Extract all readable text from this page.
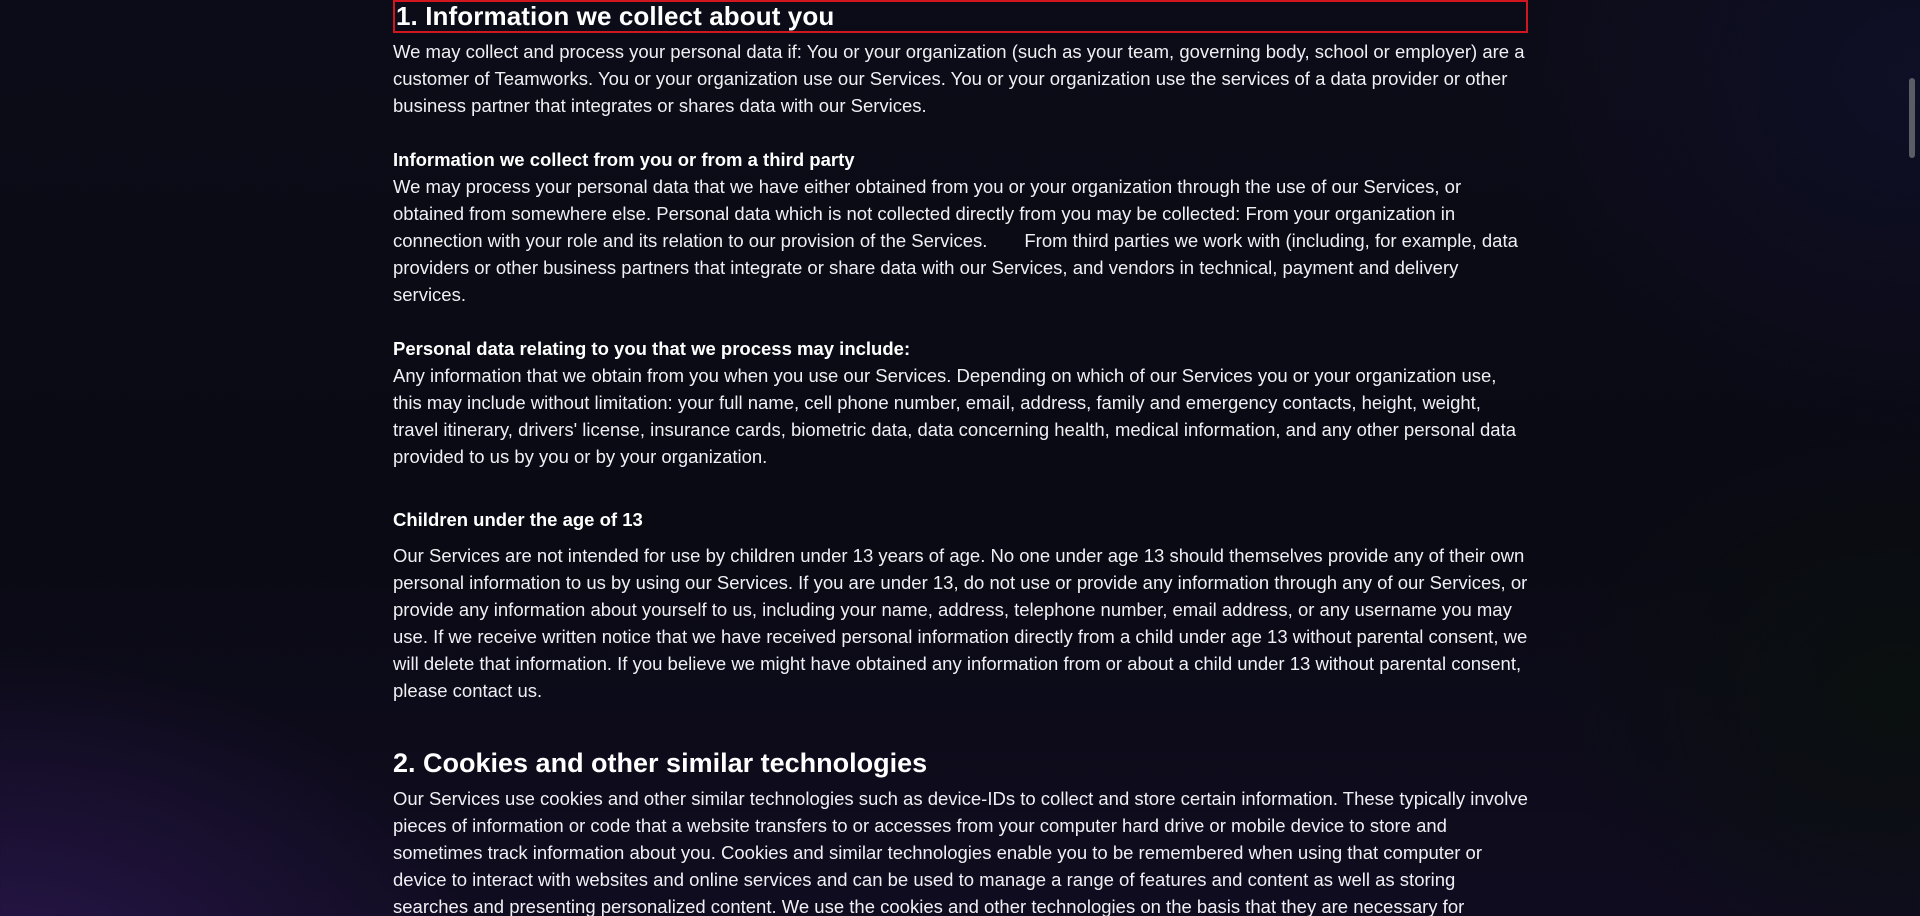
1. Information we collect about you

We may collect and process your personal data if: You or your organization (such as your team, governing body, school or employer) are a customer of Teamworks. You or your organization use our Services. You or your organization use the services of a data provider or other business partner that integrates or shares data with our Services.

Information we collect from you or from a third party

We may process your personal data that we have either obtained from you or your organization through the use of our Services, or obtained from somewhere else. Personal data which is not collected directly from you may be collected: From your organization in connection with your role and its relation to our provision of the Services.  From third parties we work with (including, for example, data providers or other business partners that integrate or share data with our Services, and vendors in technical, payment and delivery services.

Personal data relating to you that we process may include:

Any information that we obtain from you when you use our Services. Depending on which of our Services you or your organization use, this may include without limitation: your full name, cell phone number, email, address, family and emergency contacts, height, weight, travel itinerary, drivers' license, insurance cards, biometric data, data concerning health, medical information, and any other personal data provided to us by you or by your organization.

Children under the age of 13

Our Services are not intended for use by children under 13 years of age. No one under age 13 should themselves provide any of their own personal information to us by using our Services. If you are under 13, do not use or provide any information through any of our Services, or provide any information about yourself to us, including your name, address, telephone number, email address, or any username you may use. If we receive written notice that we have received personal information directly from a child under age 13 without parental consent, we will delete that information. If you believe we might have obtained any information from or about a child under 13 without parental consent, please contact us.

2. Cookies and other similar technologies

Our Services use cookies and other similar technologies such as device-IDs to collect and store certain information. These typically involve pieces of information or code that a website transfers to or accesses from your computer hard drive or mobile device to store and sometimes track information about you. Cookies and similar technologies enable you to be remembered when using that computer or device to interact with websites and online services and can be used to manage a range of features and content as well as storing searches and presenting personalized content. We use the cookies and other technologies on the basis that they are necessary for
